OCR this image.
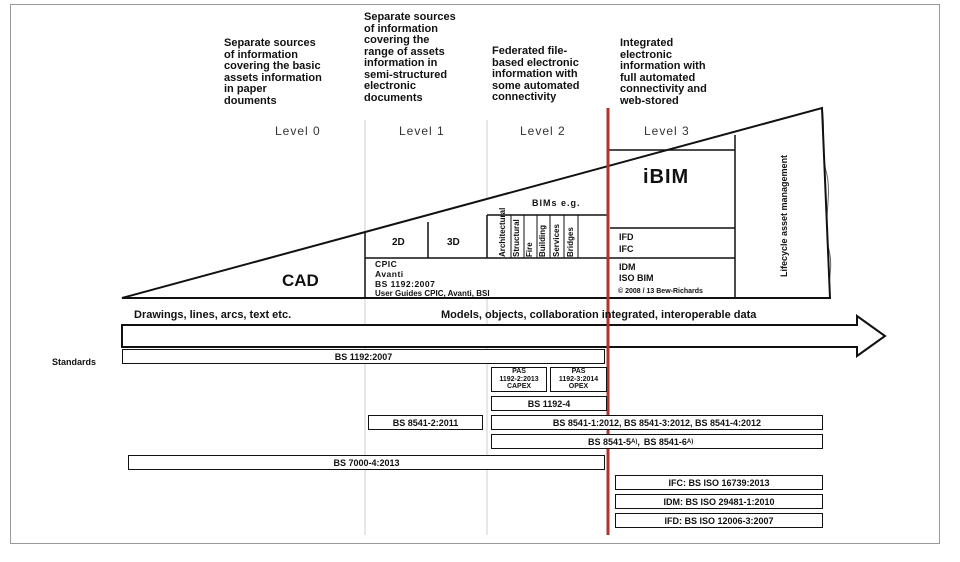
Separate sources
of information
covering the basic
assets information
in paper
douments
Separate sources
of information
covering the
range of assets
information in
semi-structured
electronic
documents
Federated file-
based electronic
information with
some automated
connectivity
Integrated
electronic
information with
full automated
connectivity and
web-stored
Level 0	Level 1	Level 2	Level 3
CAD
2D	3D
BIMs e.g.
Architectural Structural Fire Building Services Bridges
iBIM
IFD
IFC
IDM
ISO BIM
© 2008 / 13 Bew-Richards
Lifecycle asset management
CPIC
Avanti
BS 1192:2007
User Guides CPIC, Avanti, BSI
Drawings, lines, arcs, text etc.	Models, objects, collaboration integrated, interoperable data
Standards
BS 1192:2007
PAS
1192-2:2013
CAPEX
PAS
1192-3:2014
OPEX
BS 1192-4
BS 8541-2:2011	BS 8541-1:2012, BS 8541-3:2012, BS 8541-4:2012
BS 8541-5 A) , BS 8541-6 A)
BS 7000-4:2013
IFC: BS ISO 16739:2013
IDM: BS ISO 29481-1:2010
IFD: BS ISO 12006-3:2007
